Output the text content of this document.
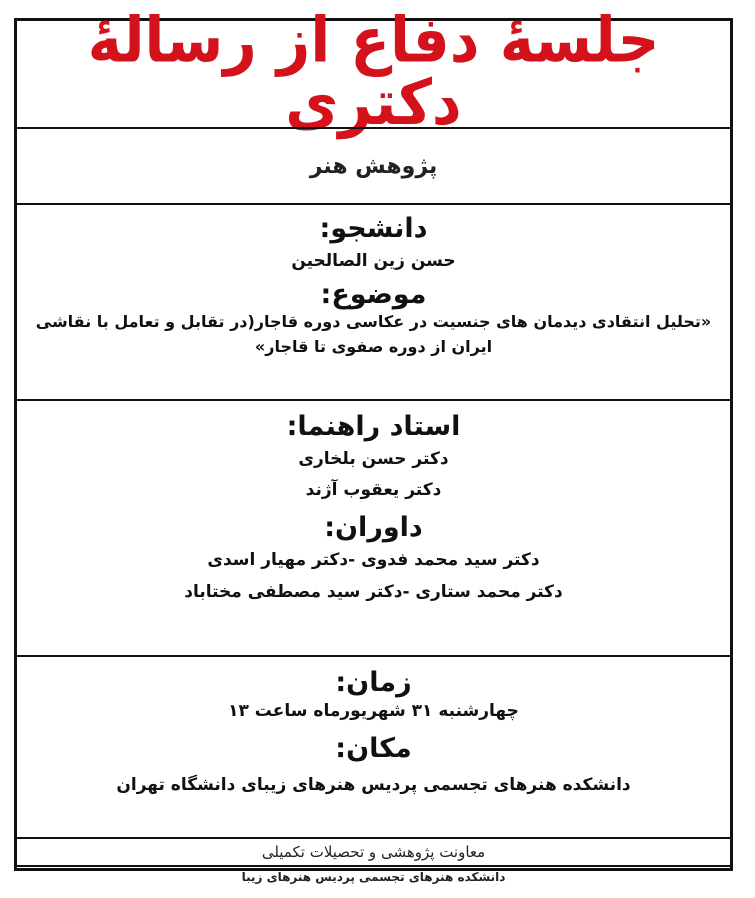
جلسهٔ دفاع از رسالهٔ دکتری
پژوهش هنر

دانشجو:

حسن زین الصالحین

موضوع:

«تحلیل انتقادی دیدمان های جنسیت در عکاسی دوره قاجار(در تقابل و تعامل با نقاشی

ایران از دوره صفوی تا قاجار»

استاد راهنما:

دکتر حسن بلخاری

دکتر یعقوب آژند

داوران:

دکتر سید محمد فدوی -دکتر مهیار اسدی

دکتر محمد ستاری -دکتر سید مصطفی مختاباد

زمان:

چهارشنبه ۳۱ شهریورماه ساعت ۱۳

مکان:

دانشکده هنرهای تجسمی پردیس هنرهای زیبای دانشگاه تهران

معاونت پژوهشی و تحصیلات تکمیلی
دانشکده هنرهای تجسمی پردیس هنرهای زیبا
